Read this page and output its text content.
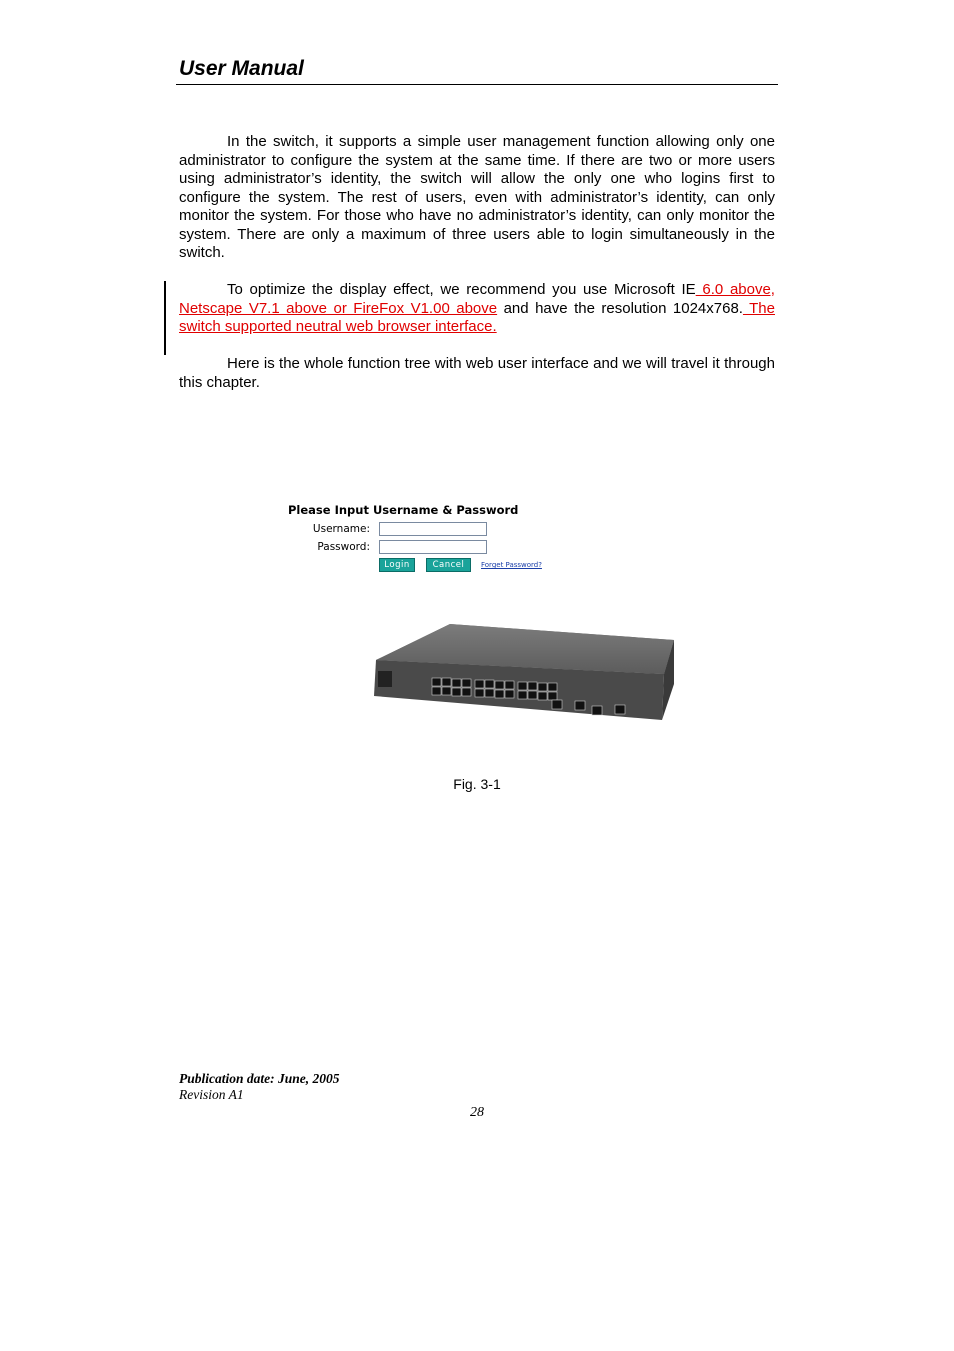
User Manual
In the switch, it supports a simple user management function allowing only one administrator to configure the system at the same time. If there are two or more users using administrator’s identity, the switch will allow the only one who logins first to configure the system. The rest of users, even with administrator’s identity, can only monitor the system. For those who have no administrator’s identity, can only monitor the system. There are only a maximum of three users able to login simultaneously in the switch.
To optimize the display effect, we recommend you use Microsoft IE 6.0 above, Netscape V7.1 above or FireFox V1.00 above and have the resolution 1024x768. The switch supported neutral web browser interface.
Here is the whole function tree with web user interface and we will travel it through this chapter.
Please Input Username & Password
Username:
Password:
Login	Cancel	Forget Password?
Fig. 3-1
Publication date: June, 2005
Revision A1
28
